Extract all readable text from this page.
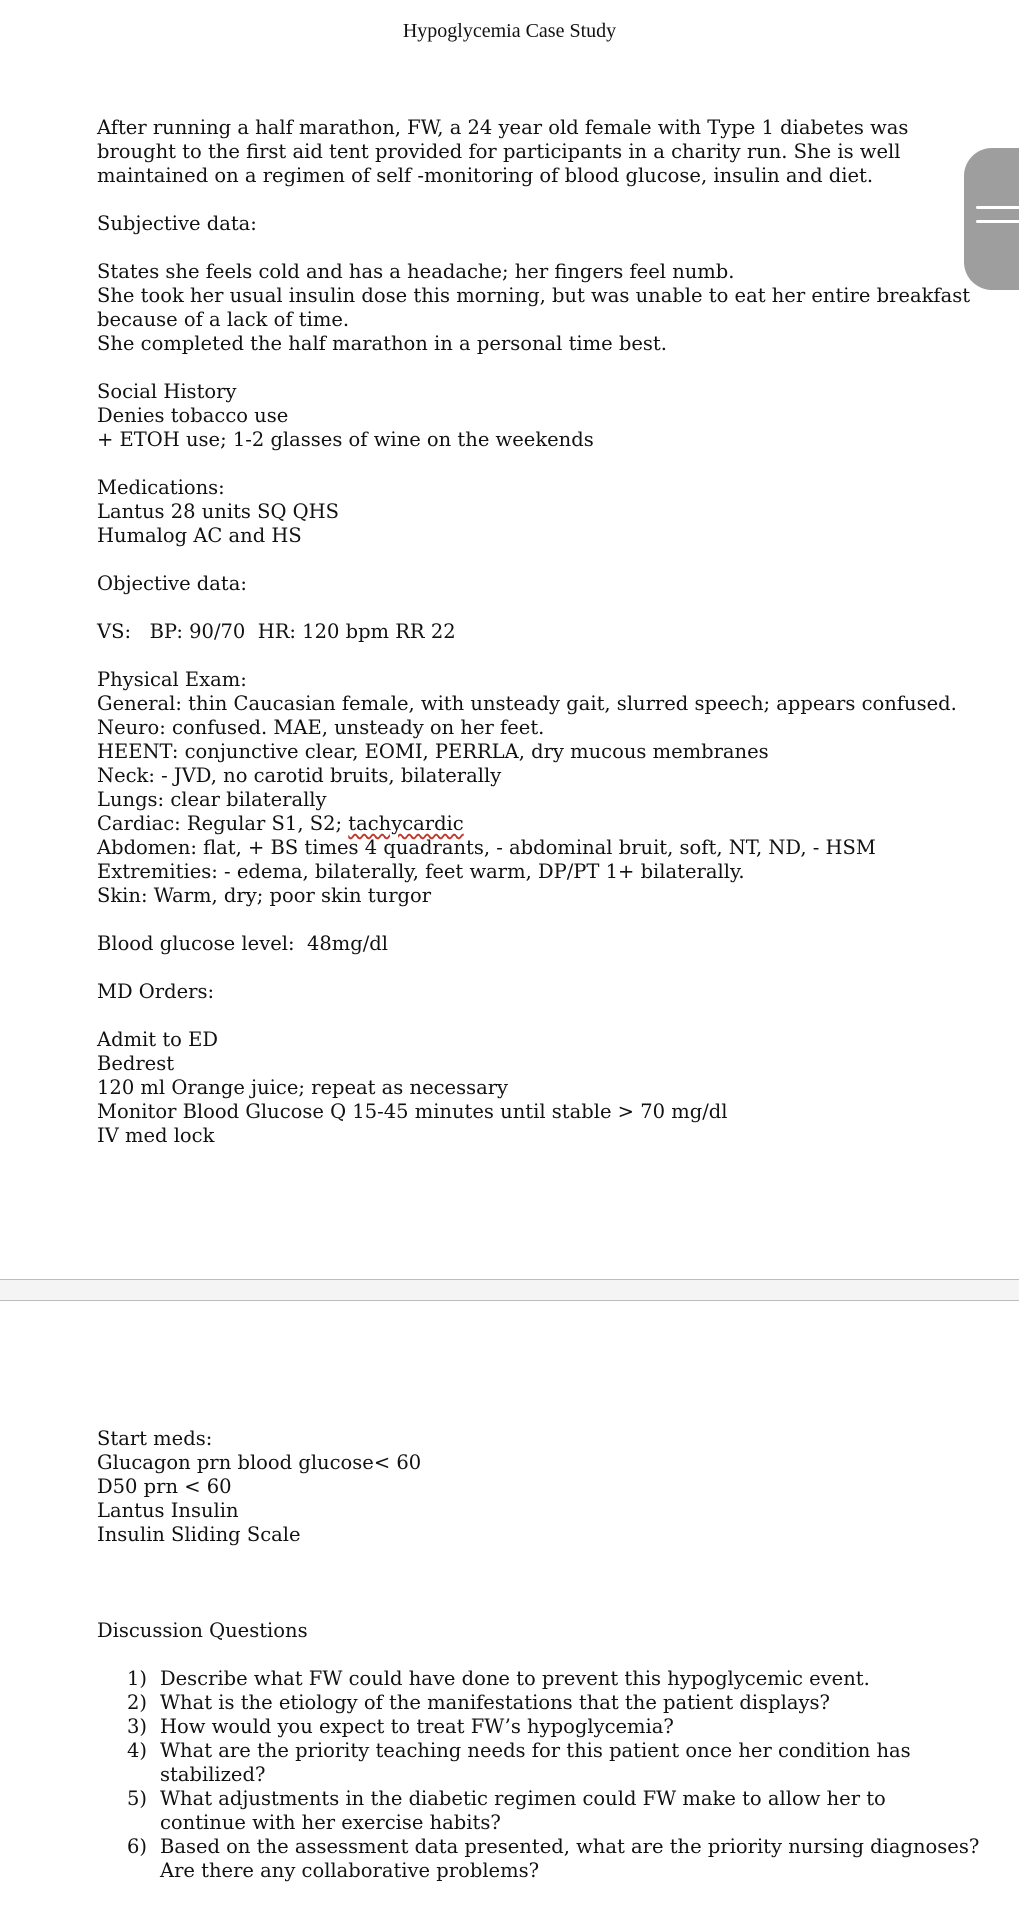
Hypoglycemia Case Study
After running a half marathon, FW, a 24 year old female with Type 1 diabetes was
brought to the first aid tent provided for participants in a charity run. She is well
maintained on a regimen of self -monitoring of blood glucose, insulin and diet.
Subjective data:
States she feels cold and has a headache; her fingers feel numb.
She took her usual insulin dose this morning, but was unable to eat her entire breakfast
because of a lack of time.
She completed the half marathon in a personal time best.
Social History
Denies tobacco use
+ ETOH use; 1-2 glasses of wine on the weekends
Medications:
Lantus 28 units SQ QHS
Humalog AC and HS
Objective data:
VS:   BP: 90/70  HR: 120 bpm RR 22
Physical Exam:
General: thin Caucasian female, with unsteady gait, slurred speech; appears confused.
Neuro: confused. MAE, unsteady on her feet.
HEENT: conjunctive clear, EOMI, PERRLA, dry mucous membranes
Neck: - JVD, no carotid bruits, bilaterally
Lungs: clear bilaterally
Cardiac: Regular S1, S2; tachycardic
Abdomen: flat, + BS times 4 quadrants, - abdominal bruit, soft, NT, ND, - HSM
Extremities: - edema, bilaterally, feet warm, DP/PT 1+ bilaterally.
Skin: Warm, dry; poor skin turgor
Blood glucose level:  48mg/dl
MD Orders:
Admit to ED
Bedrest
120 ml Orange juice; repeat as necessary
Monitor Blood Glucose Q 15-45 minutes until stable > 70 mg/dl
IV med lock
Start meds:
Glucagon prn blood glucose< 60
D50 prn < 60
Lantus Insulin
Insulin Sliding Scale
Discussion Questions
1) Describe what FW could have done to prevent this hypoglycemic event.
2) What is the etiology of the manifestations that the patient displays?
3) How would you expect to treat FW’s hypoglycemia?
4) What are the priority teaching needs for this patient once her condition has
stabilized?
5) What adjustments in the diabetic regimen could FW make to allow her to
continue with her exercise habits?
6) Based on the assessment data presented, what are the priority nursing diagnoses?
Are there any collaborative problems?
